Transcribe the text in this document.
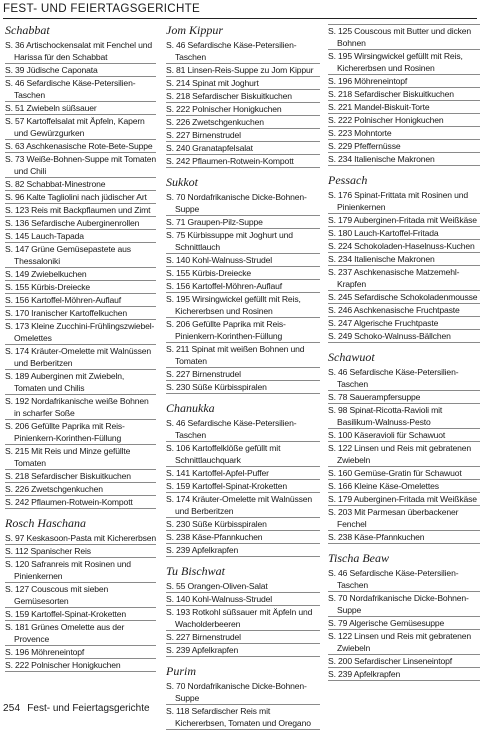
FEST- UND FEIERTAGSGERICHTE
Schabbat
S. 36 Artischockensalat mit Fenchel und Harissa für den Schabbat
S. 39 Jüdische Caponata
S. 46 Sefardische Käse-Petersilien-Taschen
S. 51 Zwiebeln süßsauer
S. 57 Kartoffelsalat mit Äpfeln, Kapern und Gewürzgurken
S. 63 Aschkenasische Rote-Bete-Suppe
S. 73 Weiße-Bohnen-Suppe mit Tomaten und Chili
S. 82 Schabbat-Minestrone
S. 96 Kalte Tagliolini nach jüdischer Art
S. 123 Reis mit Backpflaumen und Zimt
S. 136 Sefardische Auberginenrollen
S. 145 Lauch-Tapada
S. 147 Grüne Gemüsepastete aus Thessaloniki
S. 149 Zwiebelkuchen
S. 155 Kürbis-Dreiecke
S. 156 Kartoffel-Möhren-Auflauf
S. 170 Iranischer Kartoffelkuchen
S. 173 Kleine Zucchini-Frühlingszwiebel-Omelettes
S. 174 Kräuter-Omelette mit Walnüssen und Berberitzen
S. 189 Auberginen mit Zwiebeln, Tomaten und Chilis
S. 192 Nordafrikanische weiße Bohnen in scharfer Soße
S. 206 Gefüllte Paprika mit Reis-Pinienkern-Korinthen-Füllung
S. 215 Mit Reis und Minze gefüllte Tomaten
S. 218 Sefardischer Biskuitkuchen
S. 226 Zwetschgenkuchen
S. 242 Pflaumen-Rotwein-Kompott
Rosch Haschana
S. 97 Keskasoon-Pasta mit Kichererbsen
S. 112 Spanischer Reis
S. 120 Safranreis mit Rosinen und Pinienkernen
S. 127 Couscous mit sieben Gemüsesorten
S. 159 Kartoffel-Spinat-Kroketten
S. 181 Grünes Omelette aus der Provence
S. 196 Möhreneintopf
S. 222 Polnischer Honigkuchen
Jom Kippur
S. 46 Sefardische Käse-Petersilien-Taschen
S. 81 Linsen-Reis-Suppe zu Jom Kippur
S. 214 Spinat mit Joghurt
S. 218 Sefardischer Biskuitkuchen
S. 222 Polnischer Honigkuchen
S. 226 Zwetschgenkuchen
S. 227 Birnenstrudel
S. 240 Granatapfelsalat
S. 242 Pflaumen-Rotwein-Kompott
Sukkot
S. 70 Nordafrikanische Dicke-Bohnen-Suppe
S. 71 Graupen-Pilz-Suppe
S. 75 Kürbissuppe mit Joghurt und Schnittlauch
S. 140 Kohl-Walnuss-Strudel
S. 155 Kürbis-Dreiecke
S. 156 Kartoffel-Möhren-Auflauf
S. 195 Wirsingwickel gefüllt mit Reis, Kichererbsen und Rosinen
S. 206 Gefüllte Paprika mit Reis-Pinienkern-Korinthen-Füllung
S. 211 Spinat mit weißen Bohnen und Tomaten
S. 227 Birnenstrudel
S. 230 Süße Kürbisspiralen
Chanukka
S. 46 Sefardische Käse-Petersilien-Taschen
S. 106 Kartoffelklöße gefüllt mit Schnittlauchquark
S. 141 Kartoffel-Apfel-Puffer
S. 159 Kartoffel-Spinat-Kroketten
S. 174 Kräuter-Omelette mit Walnüssen und Berberitzen
S. 230 Süße Kürbisspiralen
S. 238 Käse-Pfannkuchen
S. 239 Apfelkrapfen
Tu Bischwat
S. 55 Orangen-Oliven-Salat
S. 140 Kohl-Walnuss-Strudel
S. 193 Rotkohl süßsauer mit Äpfeln und Wacholderbeeren
S. 227 Birnenstrudel
S. 239 Apfelkrapfen
Purim
S. 70 Nordafrikanische Dicke-Bohnen-Suppe
S. 118 Sefardischer Reis mit Kichererbsen, Tomaten und Oregano
S. 125 Couscous mit Butter und dicken Bohnen
S. 195 Wirsingwickel gefüllt mit Reis, Kichererbsen und Rosinen
S. 196 Möhreneintopf
S. 218 Sefardischer Biskuitkuchen
S. 221 Mandel-Biskuit-Torte
S. 222 Polnischer Honigkuchen
S. 223 Mohntorte
S. 229 Pfeffernüsse
S. 234 Italienische Makronen
Pessach
S. 176 Spinat-Frittata mit Rosinen und Pinienkernen
S. 179 Auberginen-Fritada mit Weißkäse
S. 180 Lauch-Kartoffel-Fritada
S. 224 Schokoladen-Haselnuss-Kuchen
S. 234 Italienische Makronen
S. 237 Aschkenasische Matzemehl-Krapfen
S. 245 Sefardische Schokoladenmousse
S. 246 Aschkenasische Fruchtpaste
S. 247 Algerische Fruchtpaste
S. 249 Schoko-Walnuss-Bällchen
Schawuot
S. 46 Sefardische Käse-Petersilien-Taschen
S. 78 Sauerampfersuppe
S. 98 Spinat-Ricotta-Ravioli mit Basilikum-Walnuss-Pesto
S. 100 Käseravioli für Schawuot
S. 122 Linsen und Reis mit gebratenen Zwiebeln
S. 160 Gemüse-Gratin für Schawuot
S. 166 Kleine Käse-Omelettes
S. 179 Auberginen-Fritada mit Weißkäse
S. 203 Mit Parmesan überbackener Fenchel
S. 238 Käse-Pfannkuchen
Tischa Beaw
S. 46 Sefardische Käse-Petersilien-Taschen
S. 70 Nordafrikanische Dicke-Bohnen-Suppe
S. 79 Algerische Gemüsesuppe
S. 122 Linsen und Reis mit gebratenen Zwiebeln
S. 200 Sefardischer Linseneintopf
S. 239 Apfelkrapfen
254 Fest- und Feiertagsgerichte
